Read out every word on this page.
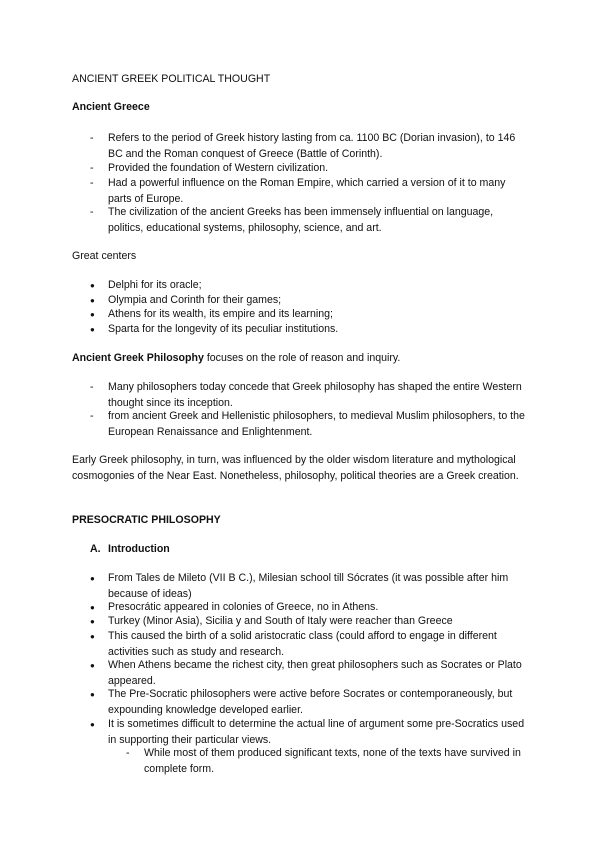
ANCIENT GREEK POLITICAL THOUGHT

Ancient Greece

- Refers to the period of Greek history lasting from ca. 1100 BC (Dorian invasion), to 146 BC and the Roman conquest of Greece (Battle of Corinth).
- Provided the foundation of Western civilization.
- Had a powerful influence on the Roman Empire, which carried a version of it to many parts of Europe.
- The civilization of the ancient Greeks has been immensely influential on language, politics, educational systems, philosophy, science, and art.

Great centers

● Delphi for its oracle;
● Olympia and Corinth for their games;
● Athens for its wealth, its empire and its learning;
● Sparta for the longevity of its peculiar institutions.

Ancient Greek Philosophy focuses on the role of reason and inquiry.

- Many philosophers today concede that Greek philosophy has shaped the entire Western thought since its inception.
- from ancient Greek and Hellenistic philosophers, to medieval Muslim philosophers, to the European Renaissance and Enlightenment.

Early Greek philosophy, in turn, was influenced by the older wisdom literature and mythological cosmogonies of the Near East. Nonetheless, philosophy, political theories are a Greek creation.

PRESOCRATIC PHILOSOPHY

A. Introduction
● From Tales de Mileto (VII B C.), Milesian school till Sócrates (it was possible after him because of ideas)
● Presocrátic appeared in colonies of Greece, no in Athens.
● Turkey (Minor Asia), Sicilia y and South of Italy were reacher than Greece
● This caused the birth of a solid aristocratic class (could afford to engage in different activities such as study and research.
● When Athens became the richest city, then great philosophers such as Socrates or Plato appeared.
● The Pre-Socratic philosophers were active before Socrates or contemporaneously, but expounding knowledge developed earlier.
● It is sometimes difficult to determine the actual line of argument some pre-Socratics used in supporting their particular views.
- While most of them produced significant texts, none of the texts have survived in complete form.
